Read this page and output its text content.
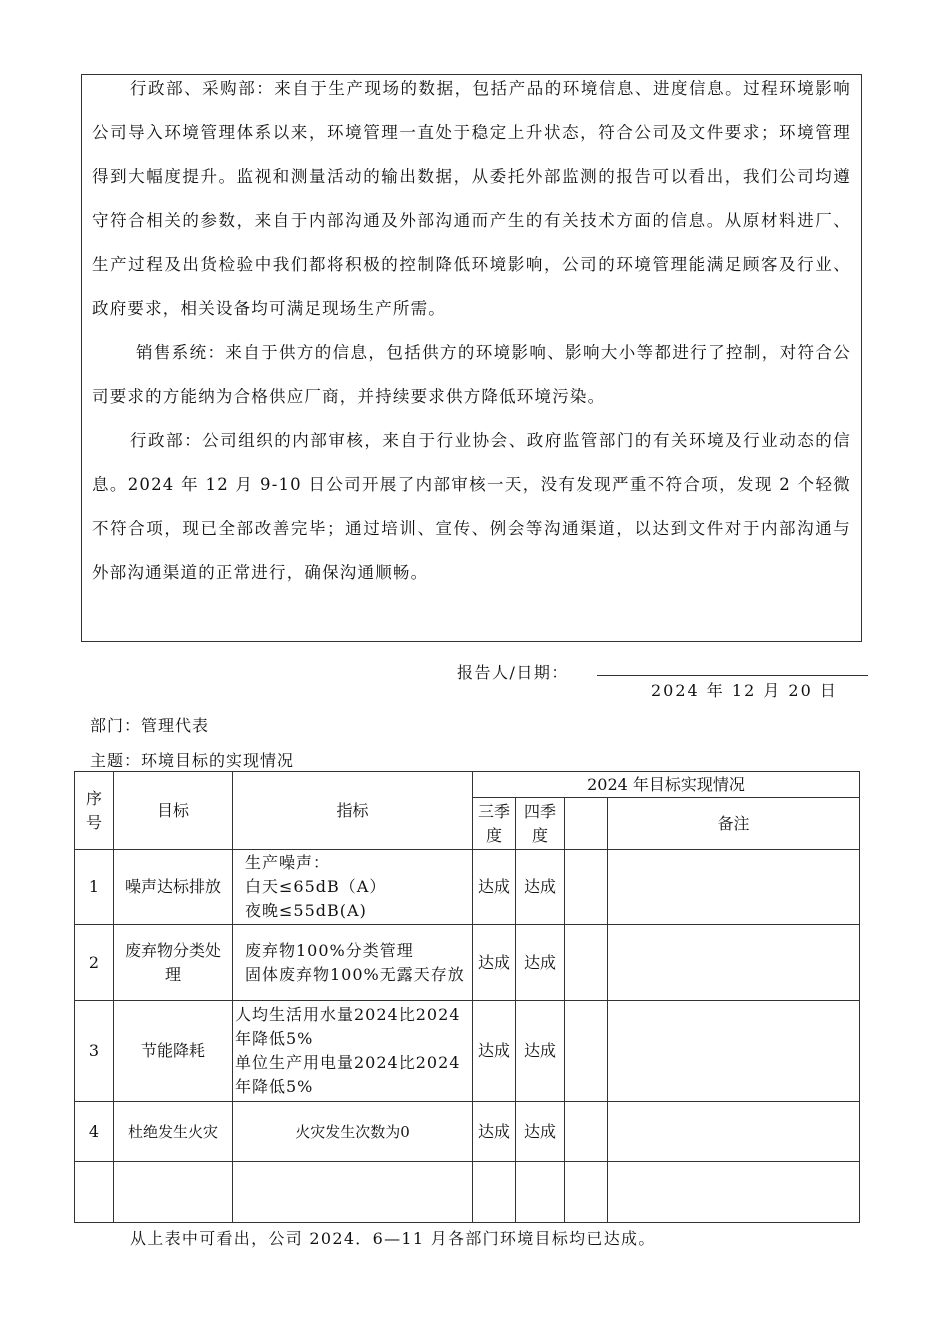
行政部、采购部：来自于生产现场的数据，包括产品的环境信息、进度信息。过程环境影响公司导入环境管理体系以来，环境管理一直处于稳定上升状态，符合公司及文件要求；环境管理得到大幅度提升。监视和测量活动的输出数据，从委托外部监测的报告可以看出，我们公司均遵守符合相关的参数，来自于内部沟通及外部沟通而产生的有关技术方面的信息。从原材料进厂、生产过程及出货检验中我们都将积极的控制降低环境影响，公司的环境管理能满足顾客及行业、政府要求，相关设备均可满足现场生产所需。

销售系统：来自于供方的信息，包括供方的环境影响、影响大小等都进行了控制，对符合公司要求的方能纳为合格供应厂商，并持续要求供方降低环境污染。

行政部：公司组织的内部审核，来自于行业协会、政府监管部门的有关环境及行业动态的信息。2024 年 12 月 9-10 日公司开展了内部审核一天，没有发现严重不符合项，发现 2 个轻微不符合项，现已全部改善完毕；通过培训、宣传、例会等沟通渠道，以达到文件对于内部沟通与外部沟通渠道的正常进行，确保沟通顺畅。

报告人/日期：
2024 年 12 月 20 日
部门：管理代表
主题：环境目标的实现情况
序号	目标	指标	2024 年目标实现情况			
			三季度	四季度		备注
1	噪声达标排放	生产噪声：
白天≤65dB（A）
夜晚≤55dB(A)	达成	达成		
2	废弃物分类处理	废弃物100%分类管理
固体废弃物100%无露天存放	达成	达成		
3	节能降耗	人均生活用水量2024比2024年降低5%
单位生产用电量2024比2024年降低5%	达成	达成		
4	杜绝发生火灾	火灾发生次数为0	达成	达成		

从上表中可看出，公司 2024．6—11 月各部门环境目标均已达成。
